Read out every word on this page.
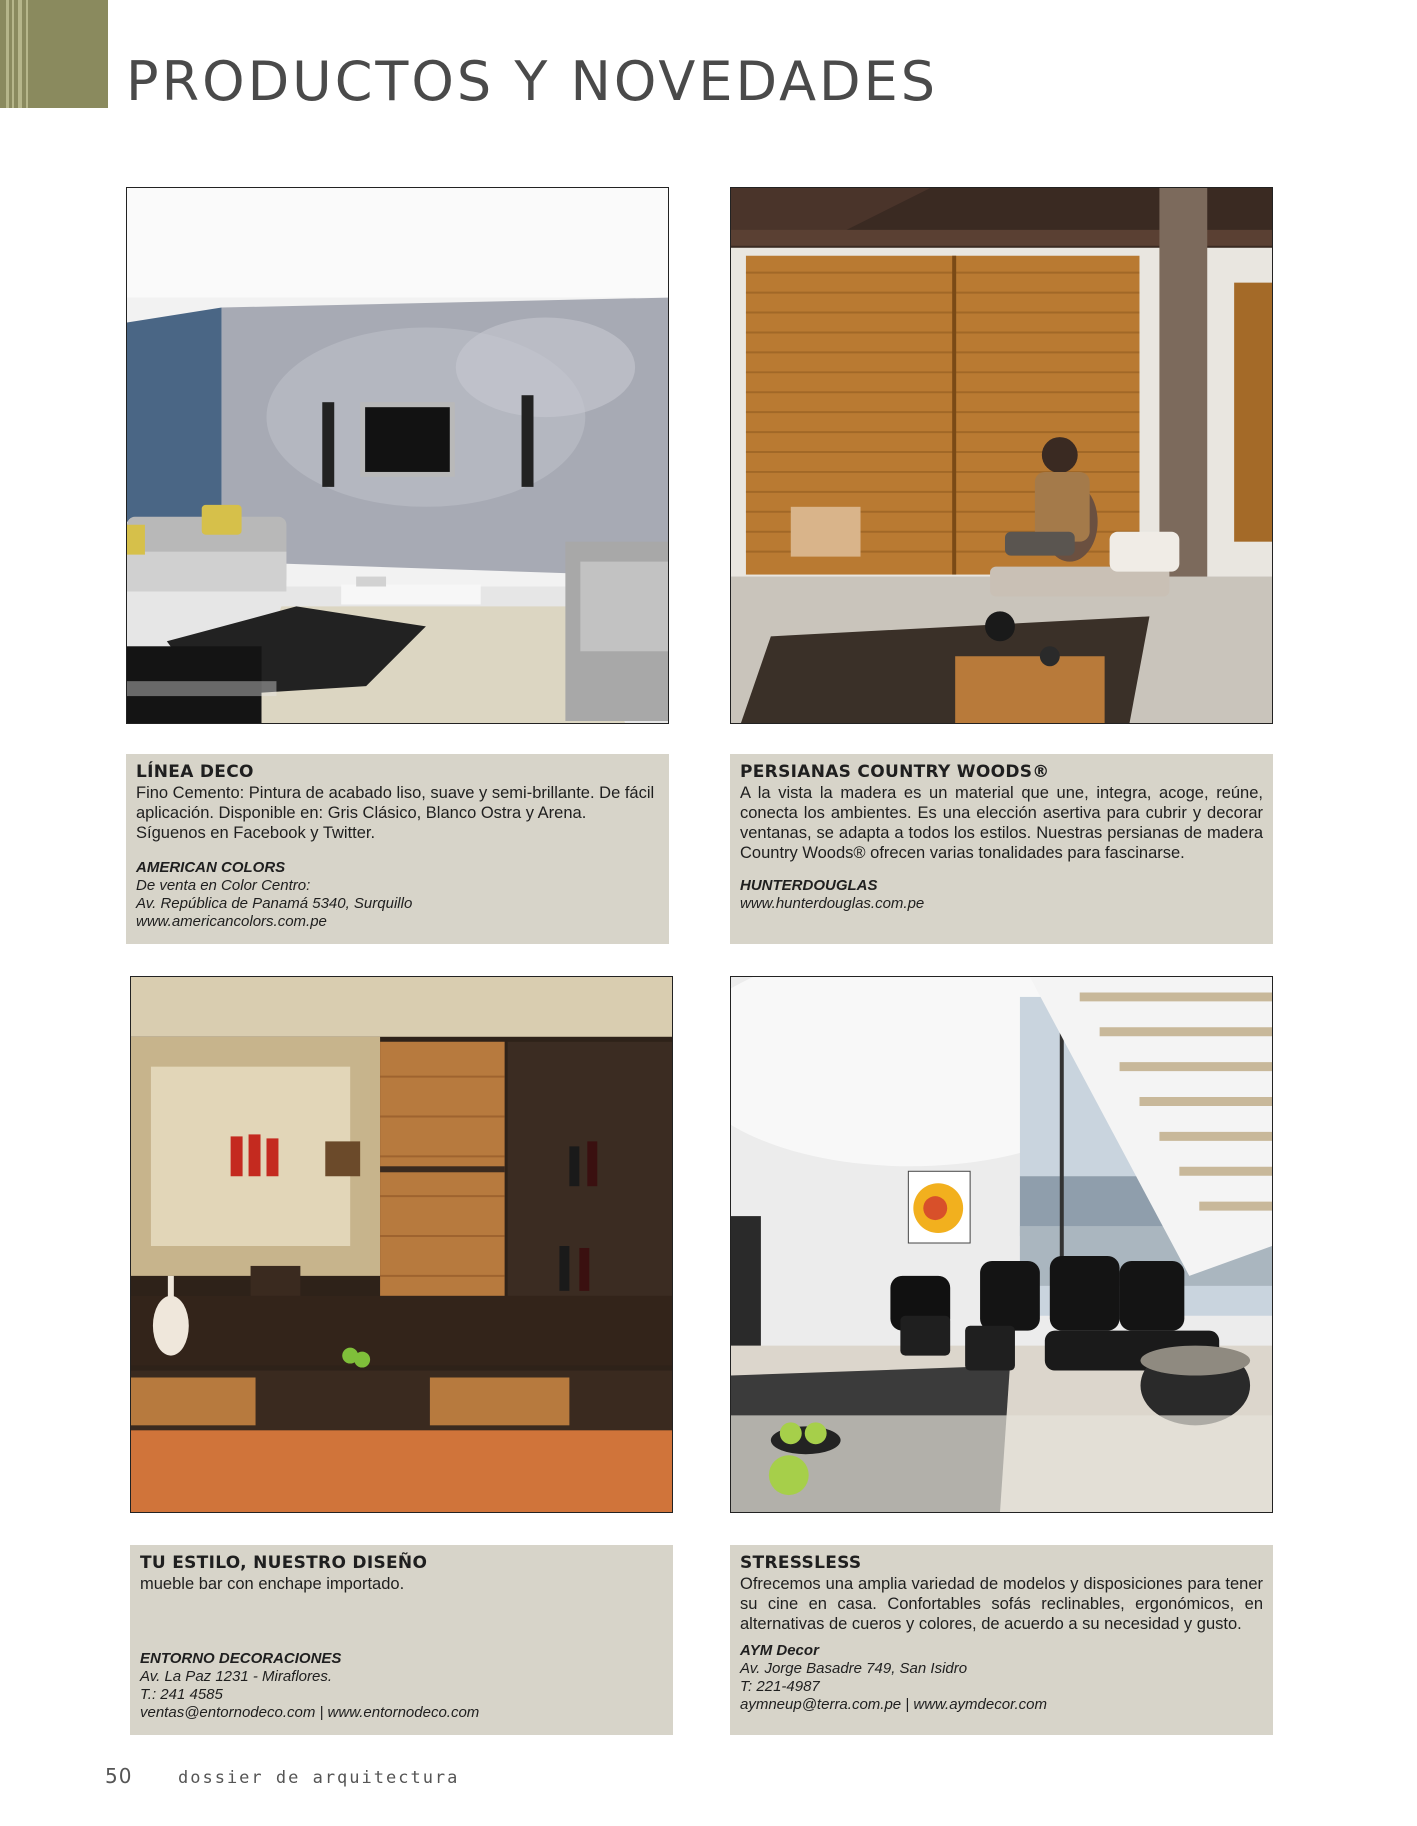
PRODUCTOS Y NOVEDADES
LÍNEA DECO

Fino Cemento: Pintura de acabado liso, suave y semi-brillante. De fácil aplicación. Disponible en: Gris Clásico, Blanco Ostra y Arena. Síguenos en Facebook y Twitter.

AMERICAN COLORS
De venta en Color Centro:
Av. República de Panamá 5340, Surquillo
www.americancolors.com.pe
PERSIANAS COUNTRY WOODS®

A la vista la madera es un material que une, integra, acoge, reúne, conecta los ambientes. Es una elección asertiva para cubrir y decorar ventanas, se adapta a todos los estilos. Nuestras persianas de madera Country Woods® ofrecen varias tonalidades para fascinarse.

HUNTERDOUGLAS
www.hunterdouglas.com.pe
TU ESTILO, NUESTRO DISEÑO

mueble bar con enchape importado.

ENTORNO DECORACIONES
Av. La Paz 1231 - Miraflores.
T.: 241 4585
ventas@entornodeco.com | www.entornodeco.com
STRESSLESS

Ofrecemos una amplia variedad de modelos y disposiciones para tener su cine en casa. Confortables sofás reclinables, ergonómicos, en alternativas de cueros y colores, de acuerdo a su necesidad y gusto.

AYM Decor
Av. Jorge Basadre 749, San Isidro
T: 221-4987
aymneup@terra.com.pe | www.aymdecor.com
50	dossier de arquitectura
